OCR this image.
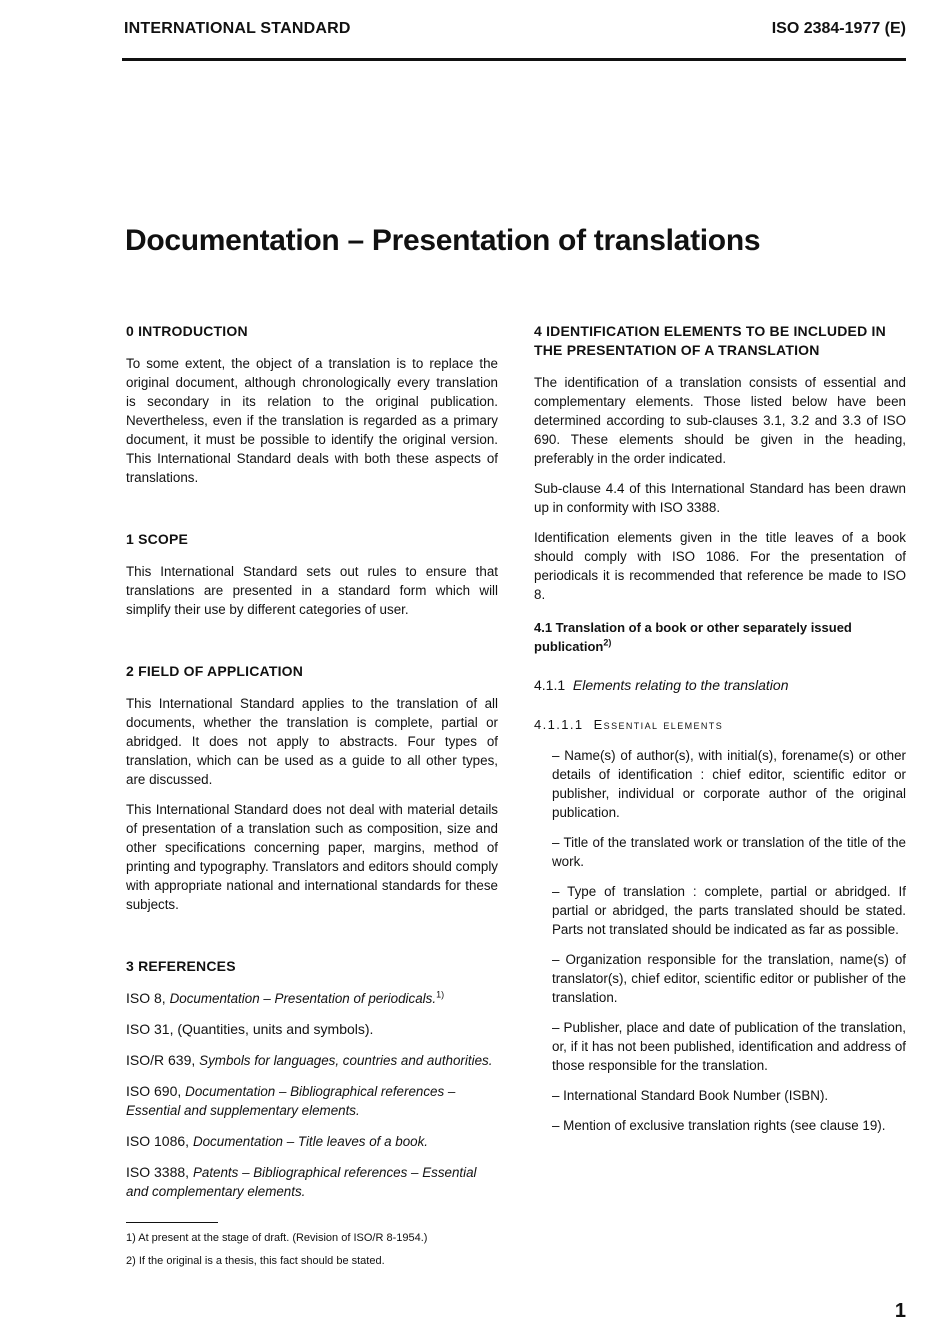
INTERNATIONAL STANDARD	ISO 2384-1977 (E)
Documentation – Presentation of translations
0 INTRODUCTION

To some extent, the object of a translation is to replace the original document, although chronologically every translation is secondary in its relation to the original publication. Nevertheless, even if the translation is regarded as a primary document, it must be possible to identify the original version. This International Standard deals with both these aspects of translations.

1 SCOPE

This International Standard sets out rules to ensure that translations are presented in a standard form which will simplify their use by different categories of user.

2 FIELD OF APPLICATION

This International Standard applies to the translation of all documents, whether the translation is complete, partial or abridged. It does not apply to abstracts. Four types of translation, which can be used as a guide to all other types, are discussed.

This International Standard does not deal with material details of presentation of a translation such as composition, size and other specifications concerning paper, margins, method of printing and typography. Translators and editors should comply with appropriate national and international standards for these subjects.

3 REFERENCES
ISO 8, Documentation – Presentation of periodicals.$^{1)}$
ISO 31, (Quantities, units and symbols).
ISO/R 639, Symbols for languages, countries and authorities.
ISO 690, Documentation – Bibliographical references – Essential and supplementary elements.
ISO 1086, Documentation – Title leaves of a book.
ISO 3388, Patents – Bibliographical references – Essential and complementary elements.
4 IDENTIFICATION ELEMENTS TO BE INCLUDED IN THE PRESENTATION OF A TRANSLATION

The identification of a translation consists of essential and complementary elements. Those listed below have been determined according to sub-clauses 3.1, 3.2 and 3.3 of ISO 690. These elements should be given in the heading, preferably in the order indicated.

Sub-clause 4.4 of this International Standard has been drawn up in conformity with ISO 3388.

Identification elements given in the title leaves of a book should comply with ISO 1086. For the presentation of periodicals it is recommended that reference be made to ISO 8.

4.1 Translation of a book or other separately issued publication$^{2)}$
4.1.1 Elements relating to the translation
4.1.1.1 Essential elements

– Name(s) of author(s), with initial(s), forename(s) or other details of identification : chief editor, scientific editor or publisher, individual or corporate author of the original publication.

– Title of the translated work or translation of the title of the work.

– Type of translation : complete, partial or abridged. If partial or abridged, the parts translated should be stated. Parts not translated should be indicated as far as possible.

– Organization responsible for the translation, name(s) of translator(s), chief editor, scientific editor or publisher of the translation.

– Publisher, place and date of publication of the translation, or, if it has not been published, identification and address of those responsible for the translation.

– International Standard Book Number (ISBN).

– Mention of exclusive translation rights (see clause 19).

1) At present at the stage of draft. (Revision of ISO/R 8-1954.)
2) If the original is a thesis, this fact should be stated.
1
